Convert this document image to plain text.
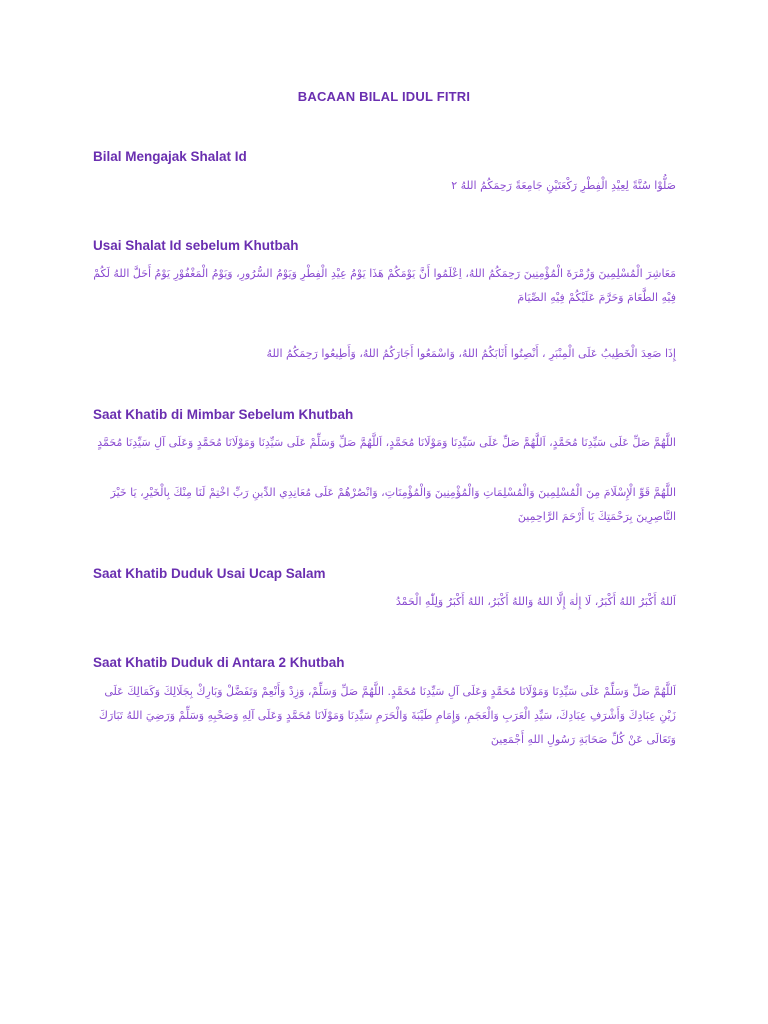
BACAAN BILAL IDUL FITRI
Bilal Mengajak Shalat Id

صَلُّوْا سُنَّةً لِعِيْدِ الْفِطْرِ رَكْعَتَيْنِ جَامِعَةً رَحِمَكُمُ اللهُ ٢

Usai Shalat Id sebelum Khutbah

مَعَاشِرَ الْمُسْلِمِينَ وَزُمْرَةَ الْمُؤْمِنِينَ رَحِمَكُمُ اللهُ، اِعْلَمُوا أَنَّ يَوْمَكُمْ هَذَا يَوْمُ عِيْدِ الْفِطْرِ وَيَوْمُ السُّرُورِ، وَيَوْمُ الْمَغْفُوْرِ يَوْمُ أَحَلَّ اللهُ لَكُمْ فِيْهِ الطَّعَامَ وَحَرَّمَ عَلَيْكُمْ فِيْهِ الصِّيَامَ

إِذَا صَعِدَ الْخَطِيبُ عَلَى الْمِنْبَرِ ، أَنْصِتُوا أَثَابَكُمُ اللهُ، وَاسْمَعُوا أَجَارَكُمُ اللهُ، وَأَطِيعُوا رَحِمَكُمُ اللهُ

Saat Khatib di Mimbar Sebelum Khutbah

اللَّهُمَّ صَلِّ عَلَى سَيِّدِنَا مُحَمَّدٍ، اَللَّهُمَّ صَلِّ عَلَى سَيِّدِنَا وَمَوْلَانَا مُحَمَّدٍ، اَللَّهُمَّ صَلِّ وَسَلِّمْ عَلَى سَيِّدِنَا وَمَوْلَانَا مُحَمَّدٍ وَعَلَى آلِ سَيِّدِنَا مُحَمَّدٍ

اللَّهُمَّ قَوِّ الْإِسْلَامَ مِنَ الْمُسْلِمِينَ وَالْمُسْلِمَاتِ وَالْمُؤْمِنِينَ وَالْمُؤْمِنَاتِ، وَانْصُرْهُمْ عَلَى مُعَانِدِي الدِّينِ رَبِّ اخْتِمْ لَنَا مِنْكَ بِالْخَيْرِ، يَا خَيْرَ النَّاصِرِينَ بِرَحْمَتِكَ يَا أَرْحَمَ الرَّاحِمِينَ

Saat Khatib Duduk Usai Ucap Salam

اَللهُ أَكْبَرُ اللهُ أَكْبَرُ، لَا إِلٰهَ إِلَّا اللهُ وَاللهُ أَكْبَرُ، اللهُ أَكْبَرُ وَلِلّٰهِ الْحَمْدُ

Saat Khatib Duduk di Antara 2 Khutbah

اَللَّهُمَّ صَلِّ وَسَلِّمْ عَلَى سَيِّدِنَا وَمَوْلَانَا مُحَمَّدٍ وَعَلَى آلِ سَيِّدِنَا مُحَمَّدٍ. اللَّهُمَّ صَلِّ وَسَلِّمْ، وَزِدْ وَأَنْعِمْ وَتَفَضَّلْ وَبَارِكْ بِجَلَالِكَ وَكَمَالِكَ عَلَى زَيْنِ عِبَادِكَ وَأَشْرَفِ عِبَادِكَ، سَيِّدِ الْعَرَبِ وَالْعَجَمِ، وَإِمَامِ طَيْبَةَ وَالْحَرَمِ سَيِّدِنَا وَمَوْلَانَا مُحَمَّدٍ وَعَلَى آلِهِ وَصَحْبِهِ وَسَلِّمْ وَرَضِيَ اللهُ تَبَارَكَ وَتَعَالَى عَنْ كُلِّ صَحَابَةِ رَسُولِ اللهِ أَجْمَعِينَ
